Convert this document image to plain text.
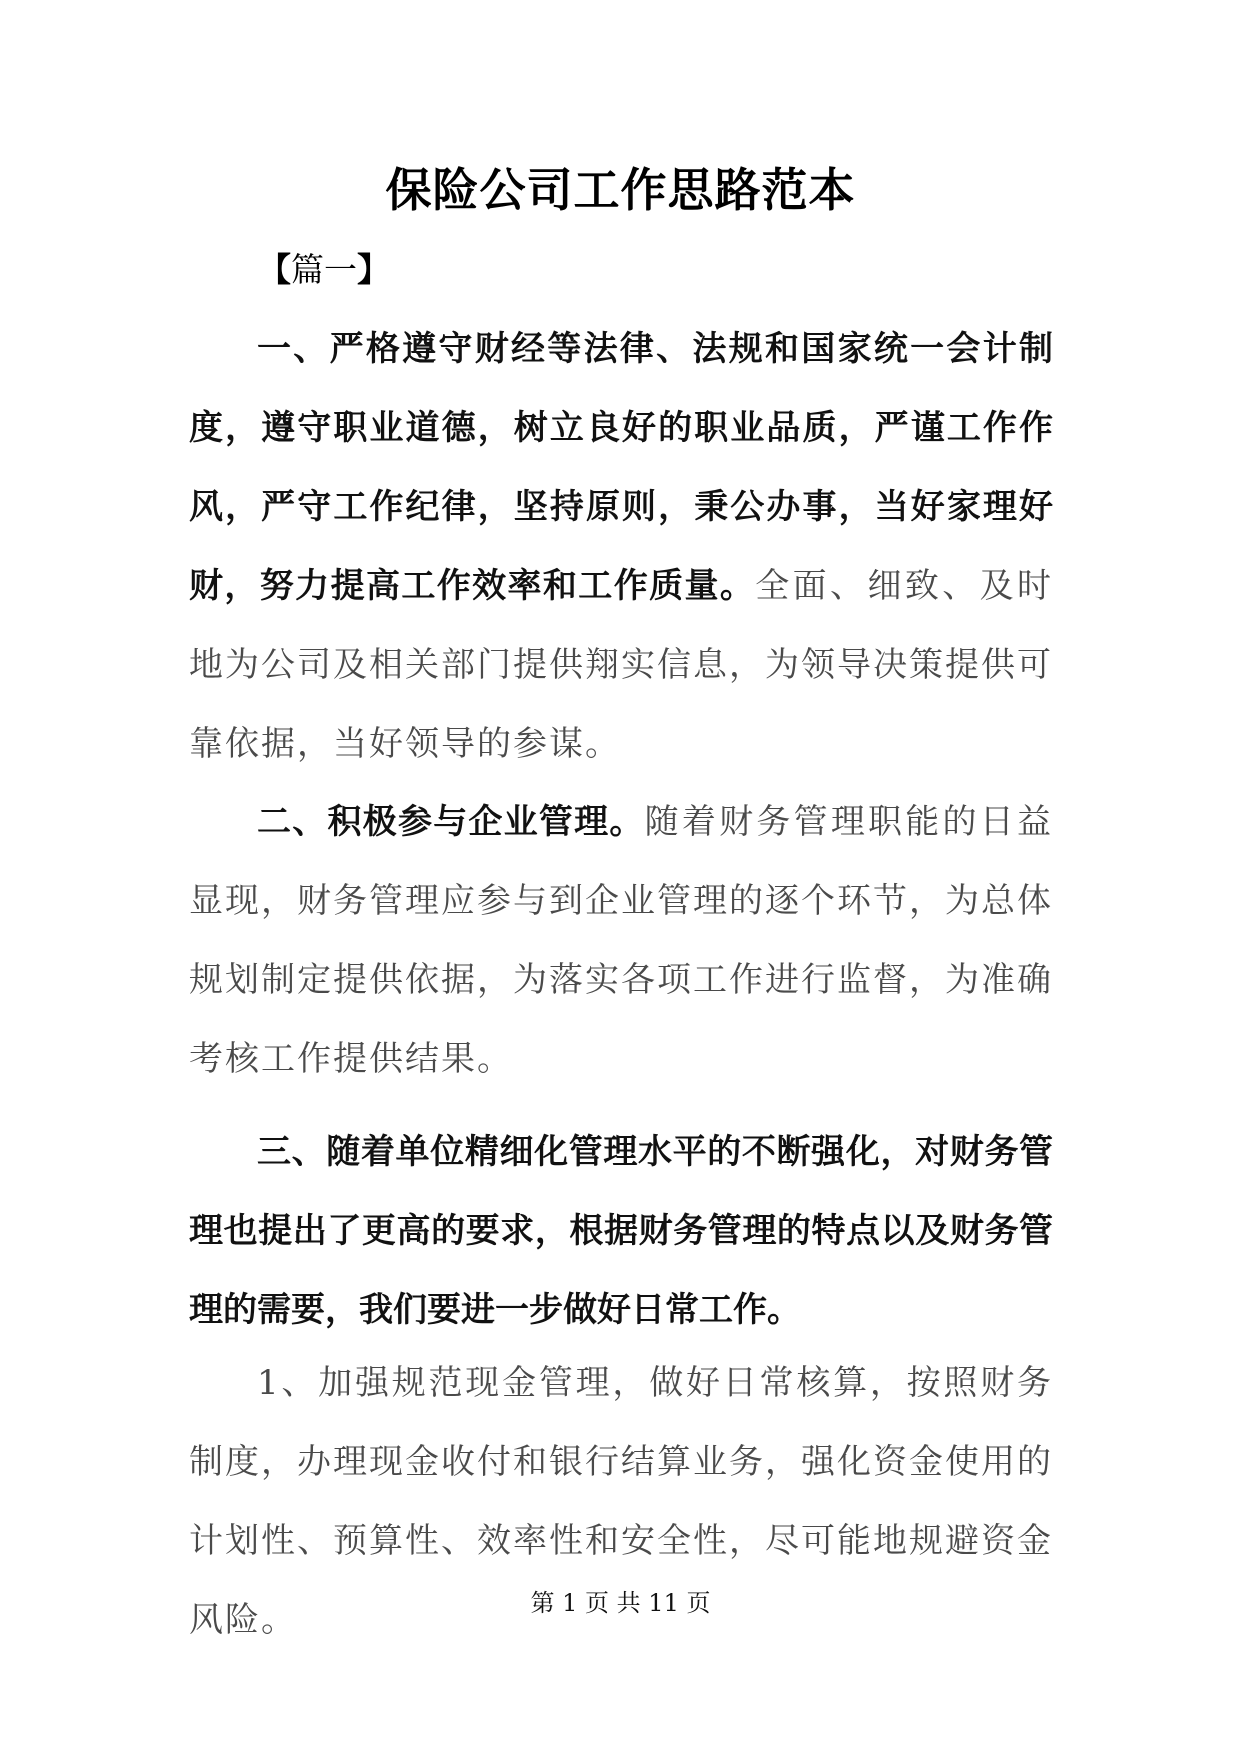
保险公司工作思路范本
【篇一】

一、严格遵守财经等法律、法规和国家统一会计制度，遵守职业道德，树立良好的职业品质，严谨工作作风，严守工作纪律，坚持原则，秉公办事，当好家理好财，努力提高工作效率和工作质量。全面、细致、及时地为公司及相关部门提供翔实信息，为领导决策提供可靠依据，当好领导的参谋。

二、积极参与企业管理。随着财务管理职能的日益显现，财务管理应参与到企业管理的逐个环节，为总体规划制定提供依据，为落实各项工作进行监督，为准确考核工作提供结果。

三、随着单位精细化管理水平的不断强化，对财务管理也提出了更高的要求，根据财务管理的特点以及财务管理的需要，我们要进一步做好日常工作。

1、加强规范现金管理，做好日常核算，按照财务制度，办理现金收付和银行结算业务，强化资金使用的计划性、预算性、效率性和安全性，尽可能地规避资金风险。	第 1 页 共 11 页
